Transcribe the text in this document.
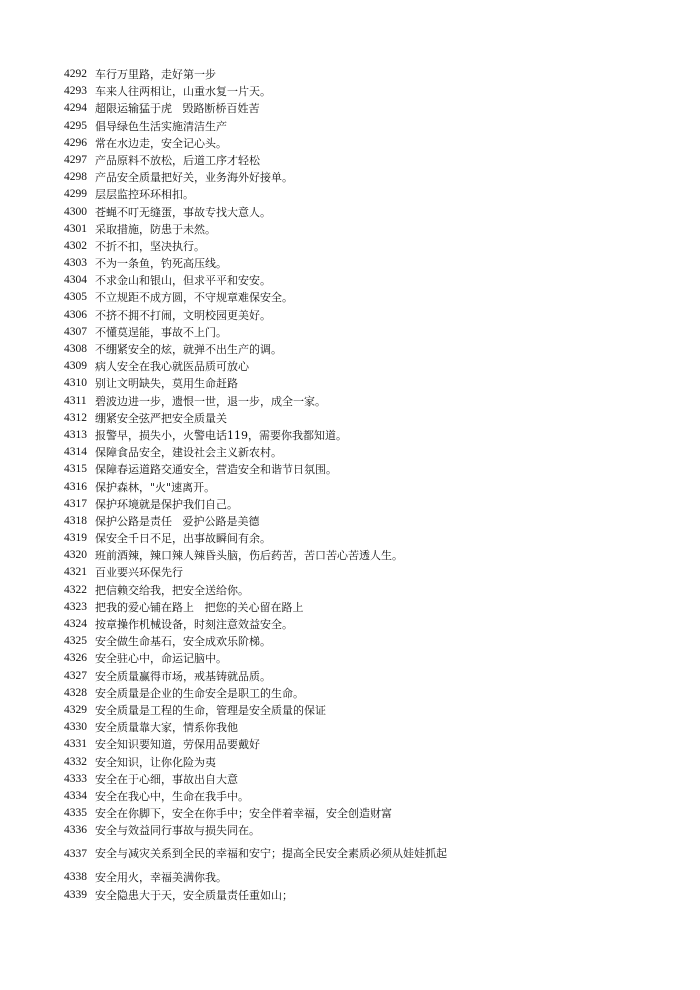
4292 车行万里路，走好第一步
4293 车来人往两相让，山重水复一片天。
4294 超限运输猛于虎   毁路断桥百姓苦
4295 倡导绿色生活实施清洁生产
4296 常在水边走，安全记心头。
4297 产品原料不放松，后道工序才轻松
4298 产品安全质量把好关，业务海外好接单。
4299 层层监控环环相扣。
4300 苍蝇不叮无缝蛋，事故专找大意人。
4301 采取措施，防患于未然。
4302 不折不扣，坚决执行。
4303 不为一条鱼，钓死高压线。
4304 不求金山和银山，但求平平和安安。
4305 不立规距不成方圆，不守规章难保安全。
4306 不挤不拥不打闹，文明校园更美好。
4307 不懂莫逞能，事故不上门。
4308 不绷紧安全的炫，就弹不出生产的调。
4309 病人安全在我心就医品质可放心
4310 别让文明缺失，莫用生命赶路
4311 碧波边进一步，遗恨一世，退一步，成全一家。
4312 绷紧安全弦严把安全质量关
4313 报警早，损失小，火警电话119，需要你我都知道。
4314 保障食品安全，建设社会主义新农村。
4315 保障春运道路交通安全，营造安全和谐节日氛围。
4316 保护森林，"火"速离开。
4317 保护环境就是保护我们自己。
4318 保护公路是责任   爱护公路是美德
4319 保安全千日不足，出事故瞬间有余。
4320 班前酒辣，辣口辣人辣昏头脑，伤后药苦，苦口苦心苦透人生。
4321 百业要兴环保先行
4322 把信赖交给我，把安全送给你。
4323 把我的爱心铺在路上   把您的关心留在路上
4324 按章操作机械设备，时刻注意效益安全。
4325 安全做生命基石，安全成欢乐阶梯。
4326 安全驻心中，命运记脑中。
4327 安全质量赢得市场，戒基铸就品质。
4328 安全质量是企业的生命安全是职工的生命。
4329 安全质量是工程的生命，管理是安全质量的保证
4330 安全质量靠大家，情系你我他
4331 安全知识要知道，劳保用品要戴好
4332 安全知识，让你化险为夷
4333 安全在于心细，事故出自大意
4334 安全在我心中，生命在我手中。
4335 安全在你脚下，安全在你手中；安全伴着幸福，安全创造财富
4336 安全与效益同行事故与损失同在。
4337 安全与减灾关系到全民的幸福和安宁；提高全民安全素质必须从娃娃抓起
4338 安全用火，幸福美满你我。
4339 安全隐患大于天，安全质量责任重如山；
